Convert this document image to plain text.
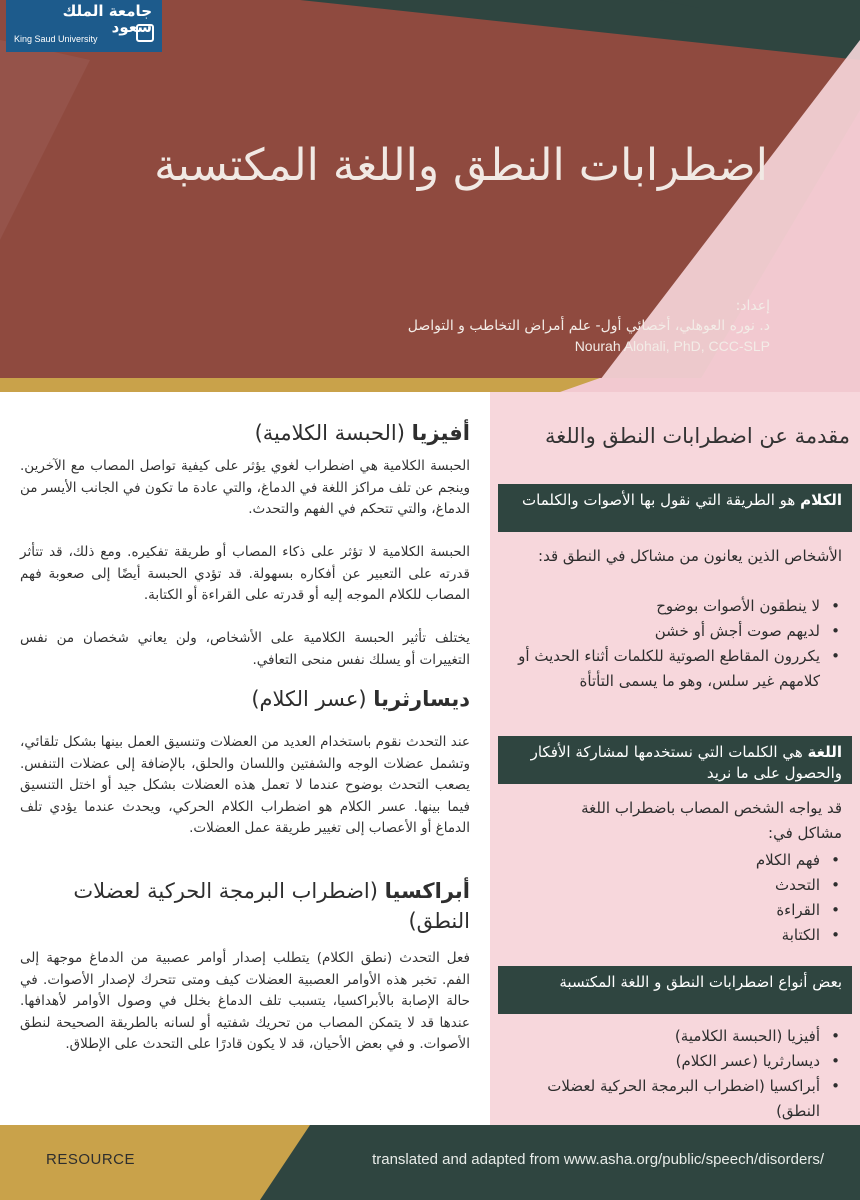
جامعة الملك سعود
King Saud University
اضطرابات النطق واللغة المكتسبة
إعداد:
د. نوره العوهلي، أخصائي أول- علم أمراض التخاطب و التواصل
Nourah Alohali, PhD, CCC-SLP
مقدمة عن اضطرابات النطق واللغة
الكلام هو الطريقة التي نقول بها الأصوات والكلمات
الأشخاص الذين يعانون من مشاكل في النطق قد:
• لا ينطقون الأصوات بوضوح
• لديهم صوت أجش أو خشن
• يكررون المقاطع الصوتية للكلمات أثناء الحديث أو كلامهم غير سلس، وهو ما يسمى التأتأة
اللغة هي الكلمات التي نستخدمها لمشاركة الأفكار والحصول على ما نريد
قد يواجه الشخص المصاب باضطراب اللغة مشاكل في:
• فهم الكلام
• التحدث
• القراءة
• الكتابة
بعض أنواع اضطرابات النطق و اللغة المكتسبة
• أفيزيا (الحبسة الكلامية)
• ديسارثريا (عسر الكلام)
• أبراكسيا (اضطراب البرمجة الحركية لعضلات النطق)
أفيزيا (الحبسة الكلامية)

الحبسة الكلامية هي اضطراب لغوي يؤثر على كيفية تواصل المصاب مع الآخرين. وينجم عن تلف مراكز اللغة في الدماغ، والتي عادة ما تكون في الجانب الأيسر من الدماغ، والتي تتحكم في الفهم والتحدث.

الحبسة الكلامية لا تؤثر على ذكاء المصاب أو طريقة تفكيره. ومع ذلك، قد تتأثر قدرته على التعبير عن أفكاره بسهولة. قد تؤدي الحبسة أيضًا إلى صعوبة فهم المصاب للكلام الموجه إليه أو قدرته على القراءة أو الكتابة.

يختلف تأثير الحبسة الكلامية على الأشخاص، ولن يعاني شخصان من نفس التغييرات أو يسلك نفس منحى التعافي.

ديسارثريا (عسر الكلام)

عند التحدث نقوم باستخدام العديد من العضلات وتنسيق العمل بينها بشكل تلقائي، وتشمل عضلات الوجه والشفتين واللسان والحلق، بالإضافة إلى عضلات التنفس. يصعب التحدث بوضوح عندما لا تعمل هذه العضلات بشكل جيد أو اختل التنسيق فيما بينها. عسر الكلام هو اضطراب الكلام الحركي، ويحدث عندما يؤدي تلف الدماغ أو الأعصاب إلى تغيير طريقة عمل العضلات.

أبراكسيا (اضطراب البرمجة الحركية لعضلات النطق)

فعل التحدث (نطق الكلام) يتطلب إصدار أوامر عصبية من الدماغ موجهة إلى الفم. تخبر هذه الأوامر العصبية العضلات كيف ومتى تتحرك لإصدار الأصوات. في حالة الإصابة بالأبراكسيا، يتسبب تلف الدماغ بخلل في وصول الأوامر لأهدافها. عندها قد لا يتمكن المصاب من تحريك شفتيه أو لسانه بالطريقة الصحيحة لنطق الأصوات. و في بعض الأحيان، قد لا يكون قادرًا على التحدث على الإطلاق.

RESOURCE	translated and adapted from www.asha.org/public/speech/disorders/
